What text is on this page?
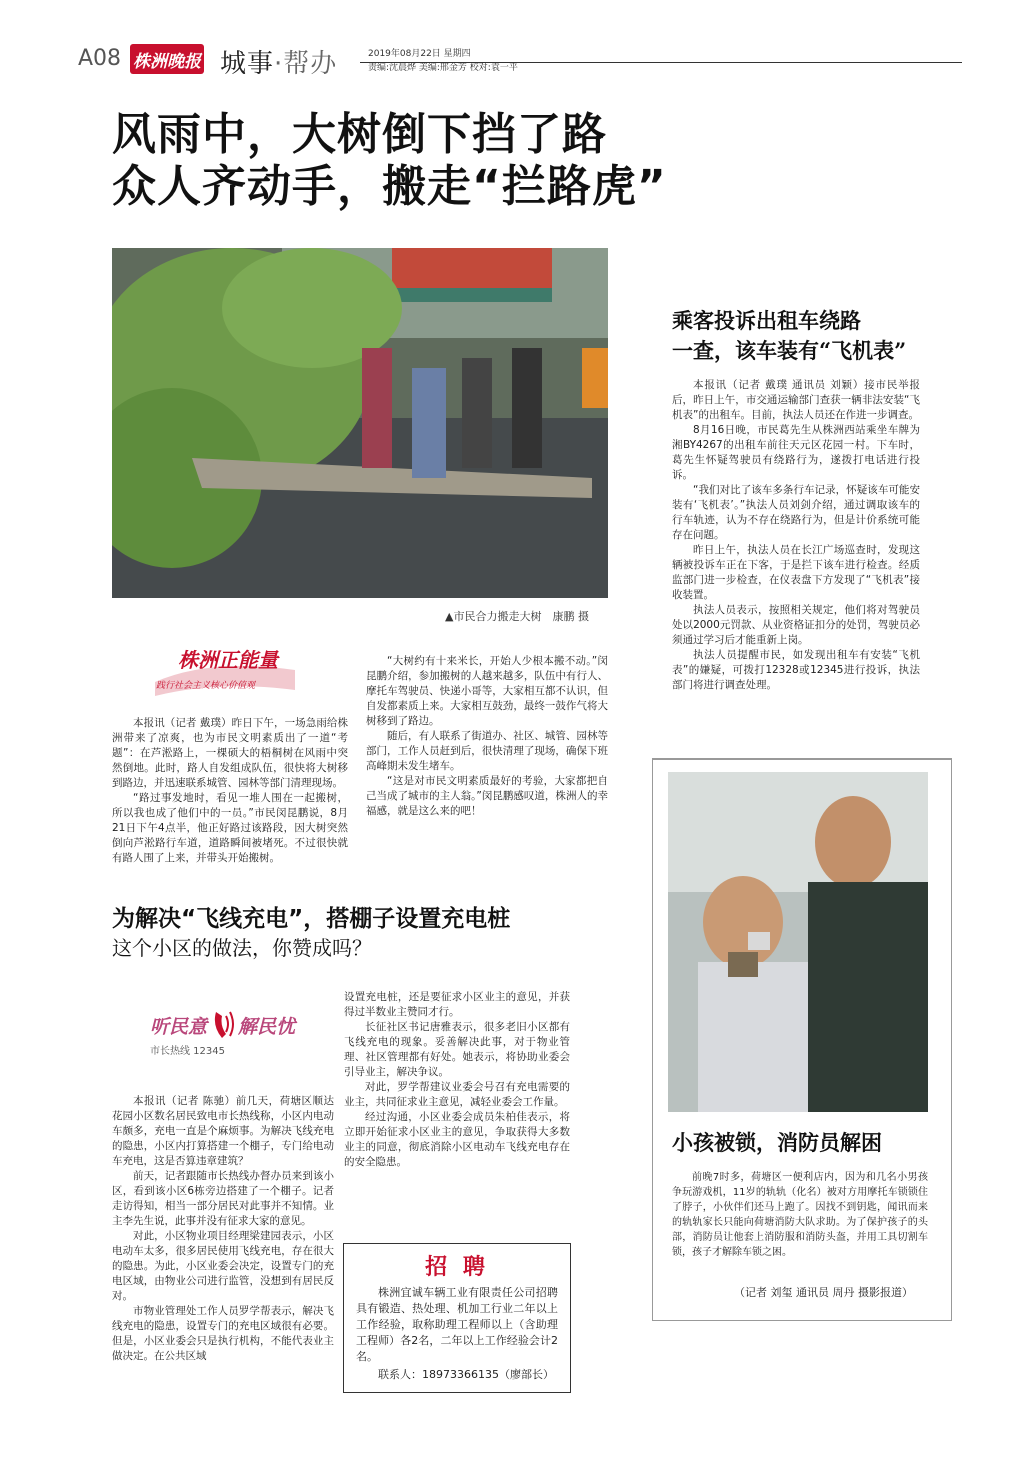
A08 株洲晚报 城事·帮办	2019年08月22日 星期四
责编:沈晨烨 美编:邢金芳 校对:袁一平
风雨中，大树倒下挡了路
众人齐动手，搬走“拦路虎”
▲市民合力搬走大树　康鹏 摄
株洲正能量
践行社会主义核心价值观

本报讯（记者 戴璞）昨日下午，一场急雨给株洲带来了凉爽，也为市民文明素质出了一道“考题”：在芦淞路上，一棵硕大的梧桐树在风雨中突然倒地。此时，路人自发组成队伍，很快将大树移到路边，并迅速联系城管、园林等部门清理现场。

“路过事发地时，看见一堆人围在一起搬树，所以我也成了他们中的一员。”市民闵昆鹏说，8月21日下午4点半，他正好路过该路段，因大树突然倒向芦淞路行车道，道路瞬间被堵死。不过很快就有路人围了上来，并带头开始搬树。

“大树约有十来米长，开始人少根本搬不动。”闵昆鹏介绍，参加搬树的人越来越多，队伍中有行人、摩托车驾驶员、快递小哥等，大家相互都不认识，但自发都素质上来。大家相互鼓劲，最终一鼓作气将大树移到了路边。

随后，有人联系了街道办、社区、城管、园林等部门，工作人员赶到后，很快清理了现场，确保下班高峰期未发生堵车。

“这是对市民文明素质最好的考验，大家都把自己当成了城市的主人翁。”闵昆鹏感叹道，株洲人的幸福感，就是这么来的吧！

乘客投诉出租车绕路
一查，该车装有“飞机表”

本报讯（记者 戴璞 通讯员 刘颖）接市民举报后，昨日上午，市交通运输部门查获一辆非法安装“飞机表”的出租车。目前，执法人员还在作进一步调查。

8月16日晚，市民葛先生从株洲西站乘坐车牌为湘BY4267的出租车前往天元区花园一村。下车时，葛先生怀疑驾驶员有绕路行为，遂拨打电话进行投诉。

“我们对比了该车多条行车记录，怀疑该车可能安装有‘飞机表’。”执法人员刘剑介绍，通过调取该车的行车轨迹，认为不存在绕路行为，但是计价系统可能存在问题。

昨日上午，执法人员在长江广场巡查时，发现这辆被投诉车正在下客，于是拦下该车进行检查。经质监部门进一步检查，在仪表盘下方发现了“飞机表”接收装置。

执法人员表示，按照相关规定，他们将对驾驶员处以2000元罚款、从业资格证扣分的处罚，驾驶员必须通过学习后才能重新上岗。

执法人员提醒市民，如发现出租车有安装“飞机表”的嫌疑，可拨打12328或12345进行投诉，执法部门将进行调查处理。

小孩被锁，消防员解困

前晚7时多，荷塘区一便利店内，因为和几名小男孩争玩游戏机，11岁的轨轨（化名）被对方用摩托车锁锁住了脖子，小伙伴们还马上跑了。因找不到钥匙，闻讯而来的轨轨家长只能向荷塘消防大队求助。为了保护孩子的头部，消防员让他套上消防服和消防头盔，并用工具切割车锁，孩子才解除车锁之困。

（记者 刘玺 通讯员 周丹 摄影报道）
为解决“飞线充电”，搭棚子设置充电桩
这个小区的做法，你赞成吗？
听民意 解民忧
市长热线 12345

本报讯（记者 陈驰）前几天，荷塘区顺达花园小区数名居民致电市长热线称，小区内电动车颇多，充电一直是个麻烦事。为解决飞线充电的隐患，小区内打算搭建一个棚子，专门给电动车充电，这是否算违章建筑？

前天，记者跟随市长热线办督办员来到该小区，看到该小区6栋旁边搭建了一个棚子。记者走访得知，相当一部分居民对此事并不知情。业主李先生说，此事并没有征求大家的意见。

对此，小区物业项目经理梁建园表示，小区电动车太多，很多居民使用飞线充电，存在很大的隐患。为此，小区业委会决定，设置专门的充电区域，由物业公司进行监管，没想到有居民反对。

市物业管理处工作人员罗学帮表示，解决飞线充电的隐患，设置专门的充电区域很有必要。但是，小区业委会只是执行机构，不能代表业主做决定。在公共区域

设置充电桩，还是要征求小区业主的意见，并获得过半数业主赞同才行。

长征社区书记唐雅表示，很多老旧小区都有飞线充电的现象。妥善解决此事，对于物业管理、社区管理都有好处。她表示，将协助业委会引导业主，解决争议。

对此，罗学帮建议业委会号召有充电需要的业主，共同征求业主意见，减轻业委会工作量。

经过沟通，小区业委会成员朱柏佳表示，将立即开始征求小区业主的意见，争取获得大多数业主的同意，彻底消除小区电动车飞线充电存在的安全隐患。

招 聘

株洲宜诚车辆工业有限责任公司招聘具有锻造、热处理、机加工行业二年以上工作经验，取称助理工程师以上（含助理工程师）各2名，二年以上工作经验会计2名。

联系人：18973366135（廖部长）
